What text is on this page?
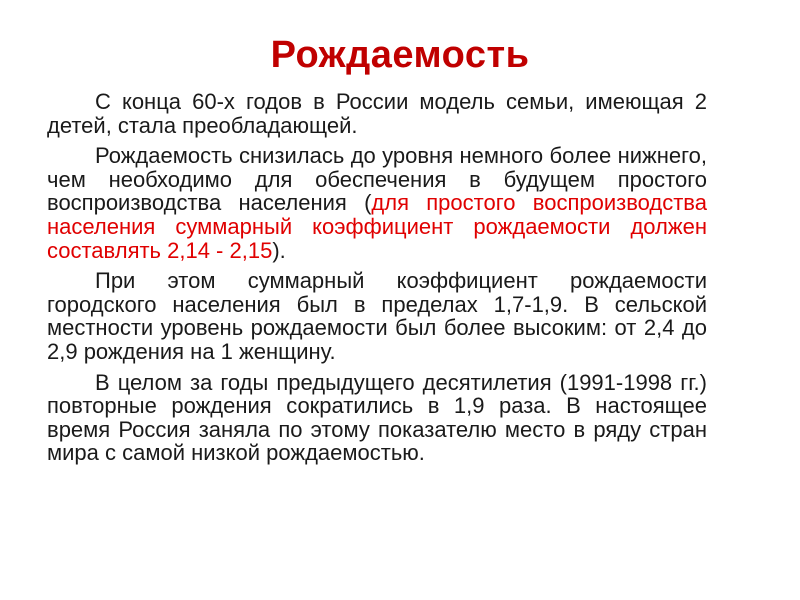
Рождаемость

С конца 60-х годов в России модель семьи, имеющая 2 детей, стала преобладающей.

Рождаемость снизилась до уровня немного более нижнего, чем необходимо для обеспечения в будущем простого воспроизводства населения (для простого воспроизводства населения суммарный коэффициент рождаемости должен составлять 2,14 - 2,15).

При этом суммарный коэффициент рождаемости городского населения был в пределах 1,7-1,9. В сельской местности уровень рождаемости был более высоким: от 2,4 до 2,9 рождения на 1 женщину.

В целом за годы предыдущего десятилетия (1991-1998 гг.) повторные рождения сократились в 1,9 раза. В настоящее время Россия заняла по этому показателю место в ряду стран мира с самой низкой рождаемостью.
